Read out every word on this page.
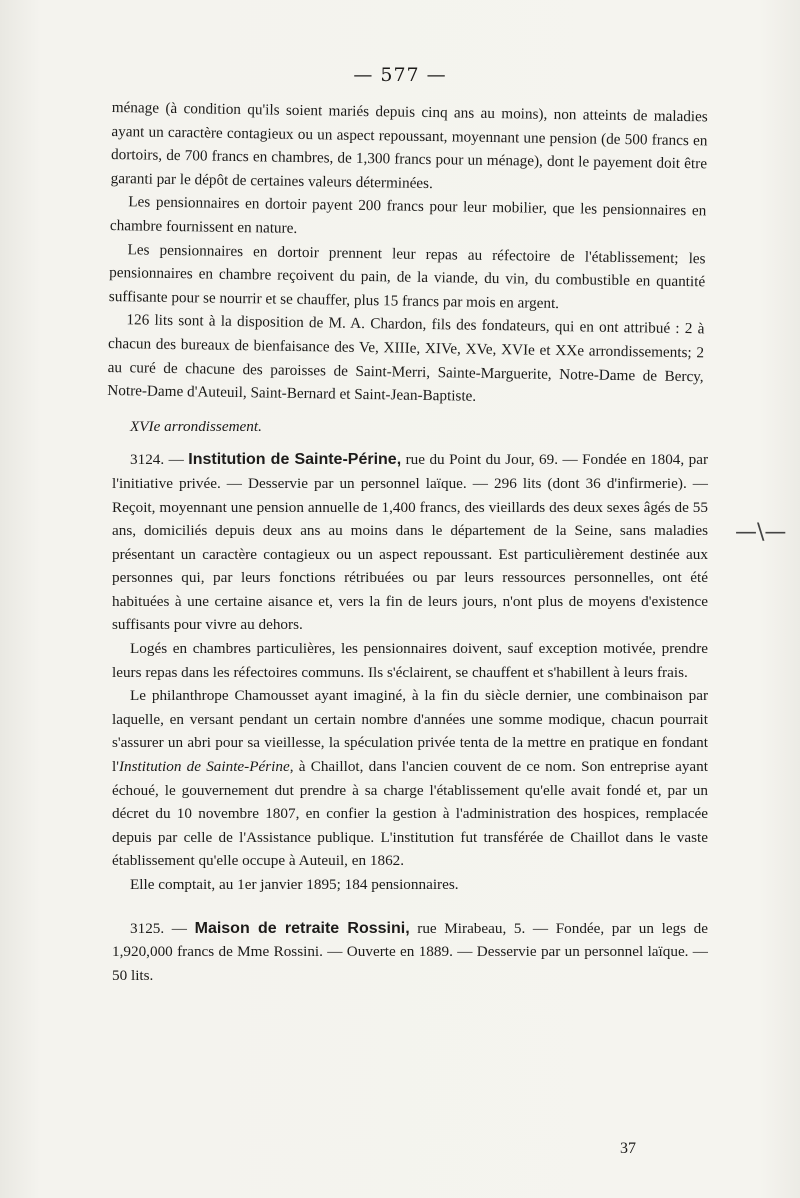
— 577 —

ménage (à condition qu'ils soient mariés depuis cinq ans au moins), non atteints de maladies ayant un caractère contagieux ou un aspect repoussant, moyennant une pension (de 500 francs en dortoirs, de 700 francs en chambres, de 1,300 francs pour un ménage), dont le payement doit être garanti par le dépôt de certaines valeurs déterminées.

Les pensionnaires en dortoir payent 200 francs pour leur mobilier, que les pensionnaires en chambre fournissent en nature.

Les pensionnaires en dortoir prennent leur repas au réfectoire de l'établissement; les pensionnaires en chambre reçoivent du pain, de la viande, du vin, du combustible en quantité suffisante pour se nourrir et se chauffer, plus 15 francs par mois en argent.

126 lits sont à la disposition de M. A. Chardon, fils des fondateurs, qui en ont attribué : 2 à chacun des bureaux de bienfaisance des Ve, XIIIe, XIVe, XVe, XVIe et XXe arrondissements; 2 au curé de chacune des paroisses de Saint-Merri, Sainte-Marguerite, Notre-Dame de Bercy, Notre-Dame d'Auteuil, Saint-Bernard et Saint-Jean-Baptiste.

XVIe arrondissement.

3124. — Institution de Sainte-Périne, rue du Point du Jour, 69. — Fondée en 1804, par l'initiative privée. — Desservie par un personnel laïque. — 296 lits (dont 36 d'infirmerie). — Reçoit, moyennant une pension annuelle de 1,400 francs, des vieillards des deux sexes âgés de 55 ans, domiciliés depuis deux ans au moins dans le département de la Seine, sans maladies présentant un caractère contagieux ou un aspect repoussant. Est particulièrement destinée aux personnes qui, par leurs fonctions rétribuées ou par leurs ressources personnelles, ont été habituées à une certaine aisance et, vers la fin de leurs jours, n'ont plus de moyens d'existence suffisants pour vivre au dehors.

Logés en chambres particulières, les pensionnaires doivent, sauf exception motivée, prendre leurs repas dans les réfectoires communs. Ils s'éclairent, se chauffent et s'habillent à leurs frais.

Le philanthrope Chamousset ayant imaginé, à la fin du siècle dernier, une combinaison par laquelle, en versant pendant un certain nombre d'années une somme modique, chacun pourrait s'assurer un abri pour sa vieillesse, la spéculation privée tenta de la mettre en pratique en fondant l'Institution de Sainte-Périne, à Chaillot, dans l'ancien couvent de ce nom. Son entreprise ayant échoué, le gouvernement dut prendre à sa charge l'établissement qu'elle avait fondé et, par un décret du 10 novembre 1807, en confier la gestion à l'administration des hospices, remplacée depuis par celle de l'Assistance publique. L'institution fut transférée de Chaillot dans le vaste établissement qu'elle occupe à Auteuil, en 1862.

Elle comptait, au 1er janvier 1895; 184 pensionnaires.

3125. — Maison de retraite Rossini, rue Mirabeau, 5. — Fondée, par un legs de 1,920,000 francs de Mme Rossini. — Ouverte en 1889. — Desservie par un personnel laïque. — 50 lits.

—\—
37
